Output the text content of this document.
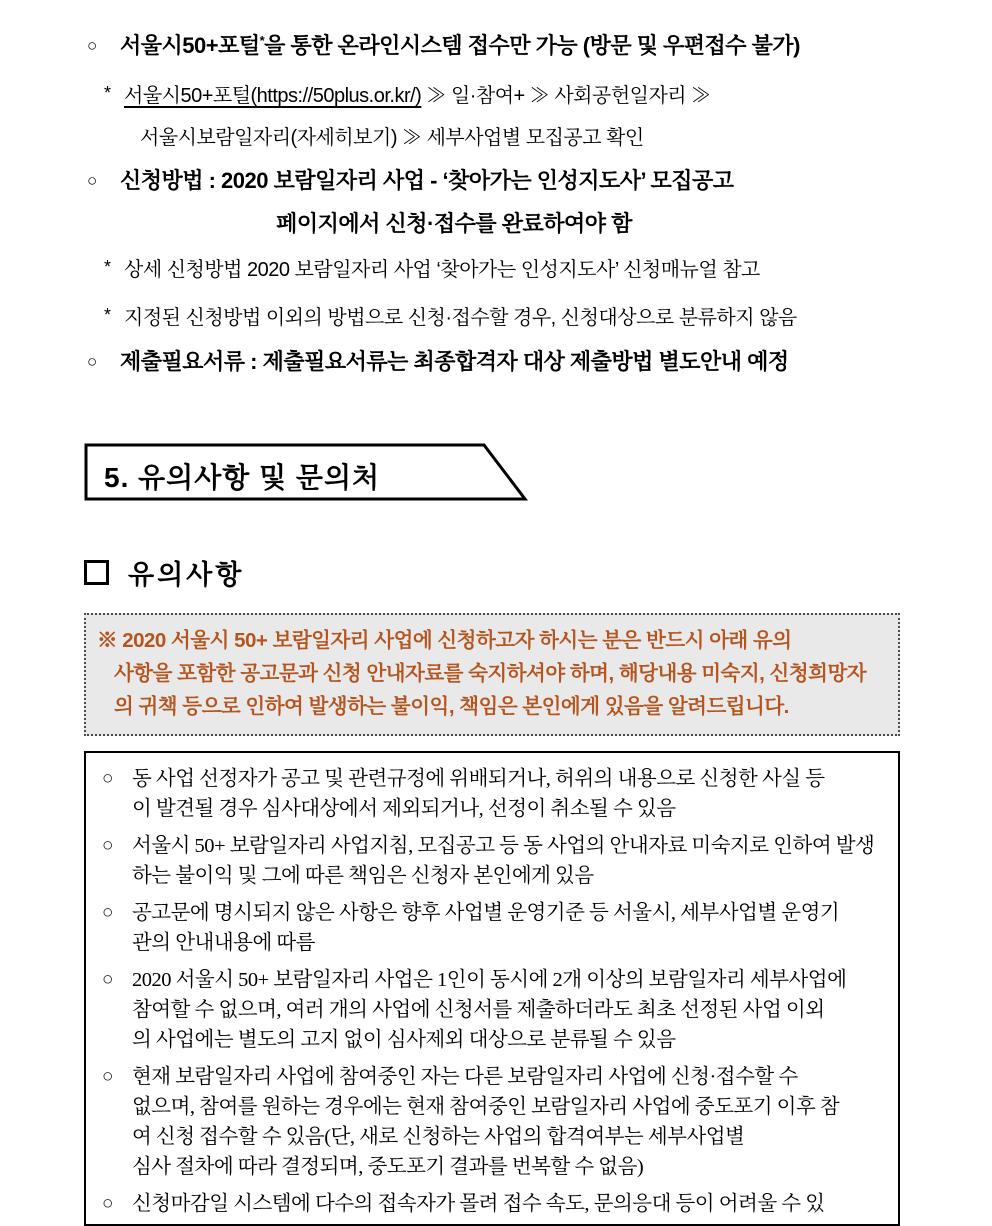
○ 서울시50+포털*을 통한 온라인시스템 접수만 가능 (방문 및 우편접수 불가)
* 서울시50+포털(https://50plus.or.kr/) ≫ 일·참여+ ≫ 사회공헌일자리 ≫
서울시보람일자리(자세히보기) ≫ 세부사업별 모집공고 확인
○ 신청방법 : 2020 보람일자리 사업 - ‘찾아가는 인성지도사’ 모집공고
페이지에서 신청·접수를 완료하여야 함
* 상세 신청방법 2020 보람일자리 사업 ‘찾아가는 인성지도사’ 신청매뉴얼 참고
* 지정된 신청방법 이외의 방법으로 신청·접수할 경우, 신청대상으로 분류하지 않음
○ 제출필요서류 : 제출필요서류는 최종합격자 대상 제출방법 별도안내 예정
5. 유의사항 및 문의처
유의사항
※ 2020 서울시 50+ 보람일자리 사업에 신청하고자 하시는 분은 반드시 아래 유의
사항을 포함한 공고문과 신청 안내자료를 숙지하셔야 하며, 해당내용 미숙지, 신청희망자
의 귀책 등으로 인하여 발생하는 불이익, 책임은 본인에게 있음을 알려드립니다.
○ 동 사업 선정자가 공고 및 관련규정에 위배되거나, 허위의 내용으로 신청한 사실 등
이 발견될 경우 심사대상에서 제외되거나, 선정이 취소될 수 있음
○ 서울시 50+ 보람일자리 사업지침, 모집공고 등 동 사업의 안내자료 미숙지로 인하여 발생
하는 불이익 및 그에 따른 책임은 신청자 본인에게 있음
○ 공고문에 명시되지 않은 사항은 향후 사업별 운영기준 등 서울시, 세부사업별 운영기
관의 안내내용에 따름
○ 2020 서울시 50+ 보람일자리 사업은 1인이 동시에 2개 이상의 보람일자리 세부사업에
참여할 수 없으며, 여러 개의 사업에 신청서를 제출하더라도 최초 선정된 사업 이외
의 사업에는 별도의 고지 없이 심사제외 대상으로 분류될 수 있음
○ 현재 보람일자리 사업에 참여중인 자는 다른 보람일자리 사업에 신청·접수할 수
없으며, 참여를 원하는 경우에는 현재 참여중인 보람일자리 사업에 중도포기 이후 참
여 신청 접수할 수 있음(단, 새로 신청하는 사업의 합격여부는 세부사업별
심사 절차에 따라 결정되며, 중도포기 결과를 번복할 수 없음)
○ 신청마감일 시스템에 다수의 접속자가 몰려 접수 속도, 문의응대 등이 어려울 수 있
